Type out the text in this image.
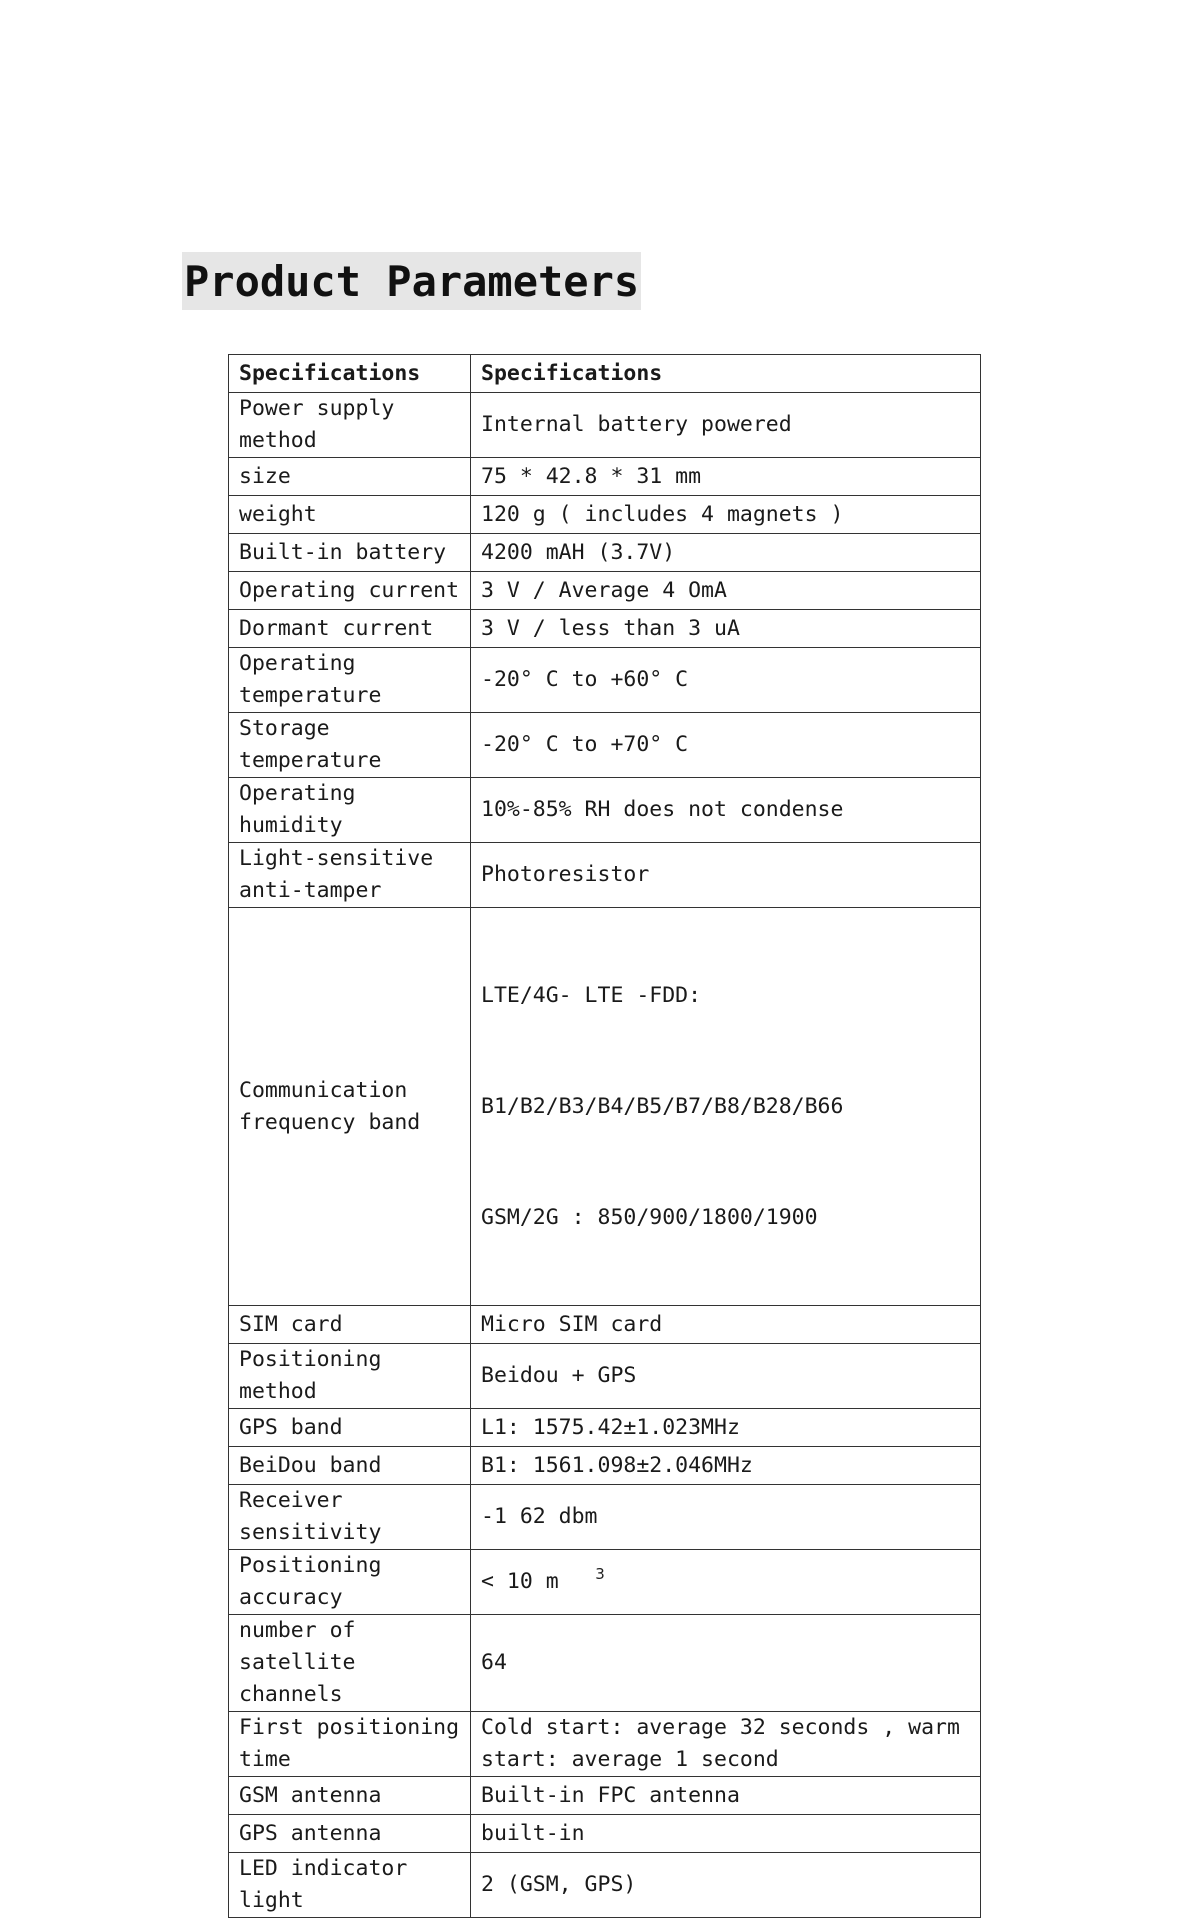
Product Parameters
Specifications	Specifications
Power supply method	Internal battery powered
size	75 * 42.8 * 31 mm
weight	120 g ( includes 4 magnets )
Built-in battery	4200 mAH (3.7V)
Operating current	3 V / Average 4 OmA
Dormant current	3 V / less than 3 uA
Operating temperature	-20° C to +60° C
Storage temperature	-20° C to +70° C
Operating humidity	10%-85% RH does not condense
Light-sensitive anti-tamper	Photoresistor
Communication frequency band	LTE/4G- LTE -FDD:

B1/B2/B3/B4/B5/B7/B8/B28/B66

GSM/2G : 850/900/1800/1900

SIM card	Micro SIM card
Positioning method	Beidou + GPS
GPS band	L1: 1575.42±1.023MHz
BeiDou band	B1: 1561.098±2.046MHz
Receiver sensitivity	-1 62 dbm
Positioning accuracy	< 10 m
number of satellite channels	64
First positioning time	Cold start: average 32 seconds , warm start: average 1 second
GSM antenna	Built-in FPC antenna
GPS antenna	built-in
LED indicator light	2 (GSM, GPS)
3
